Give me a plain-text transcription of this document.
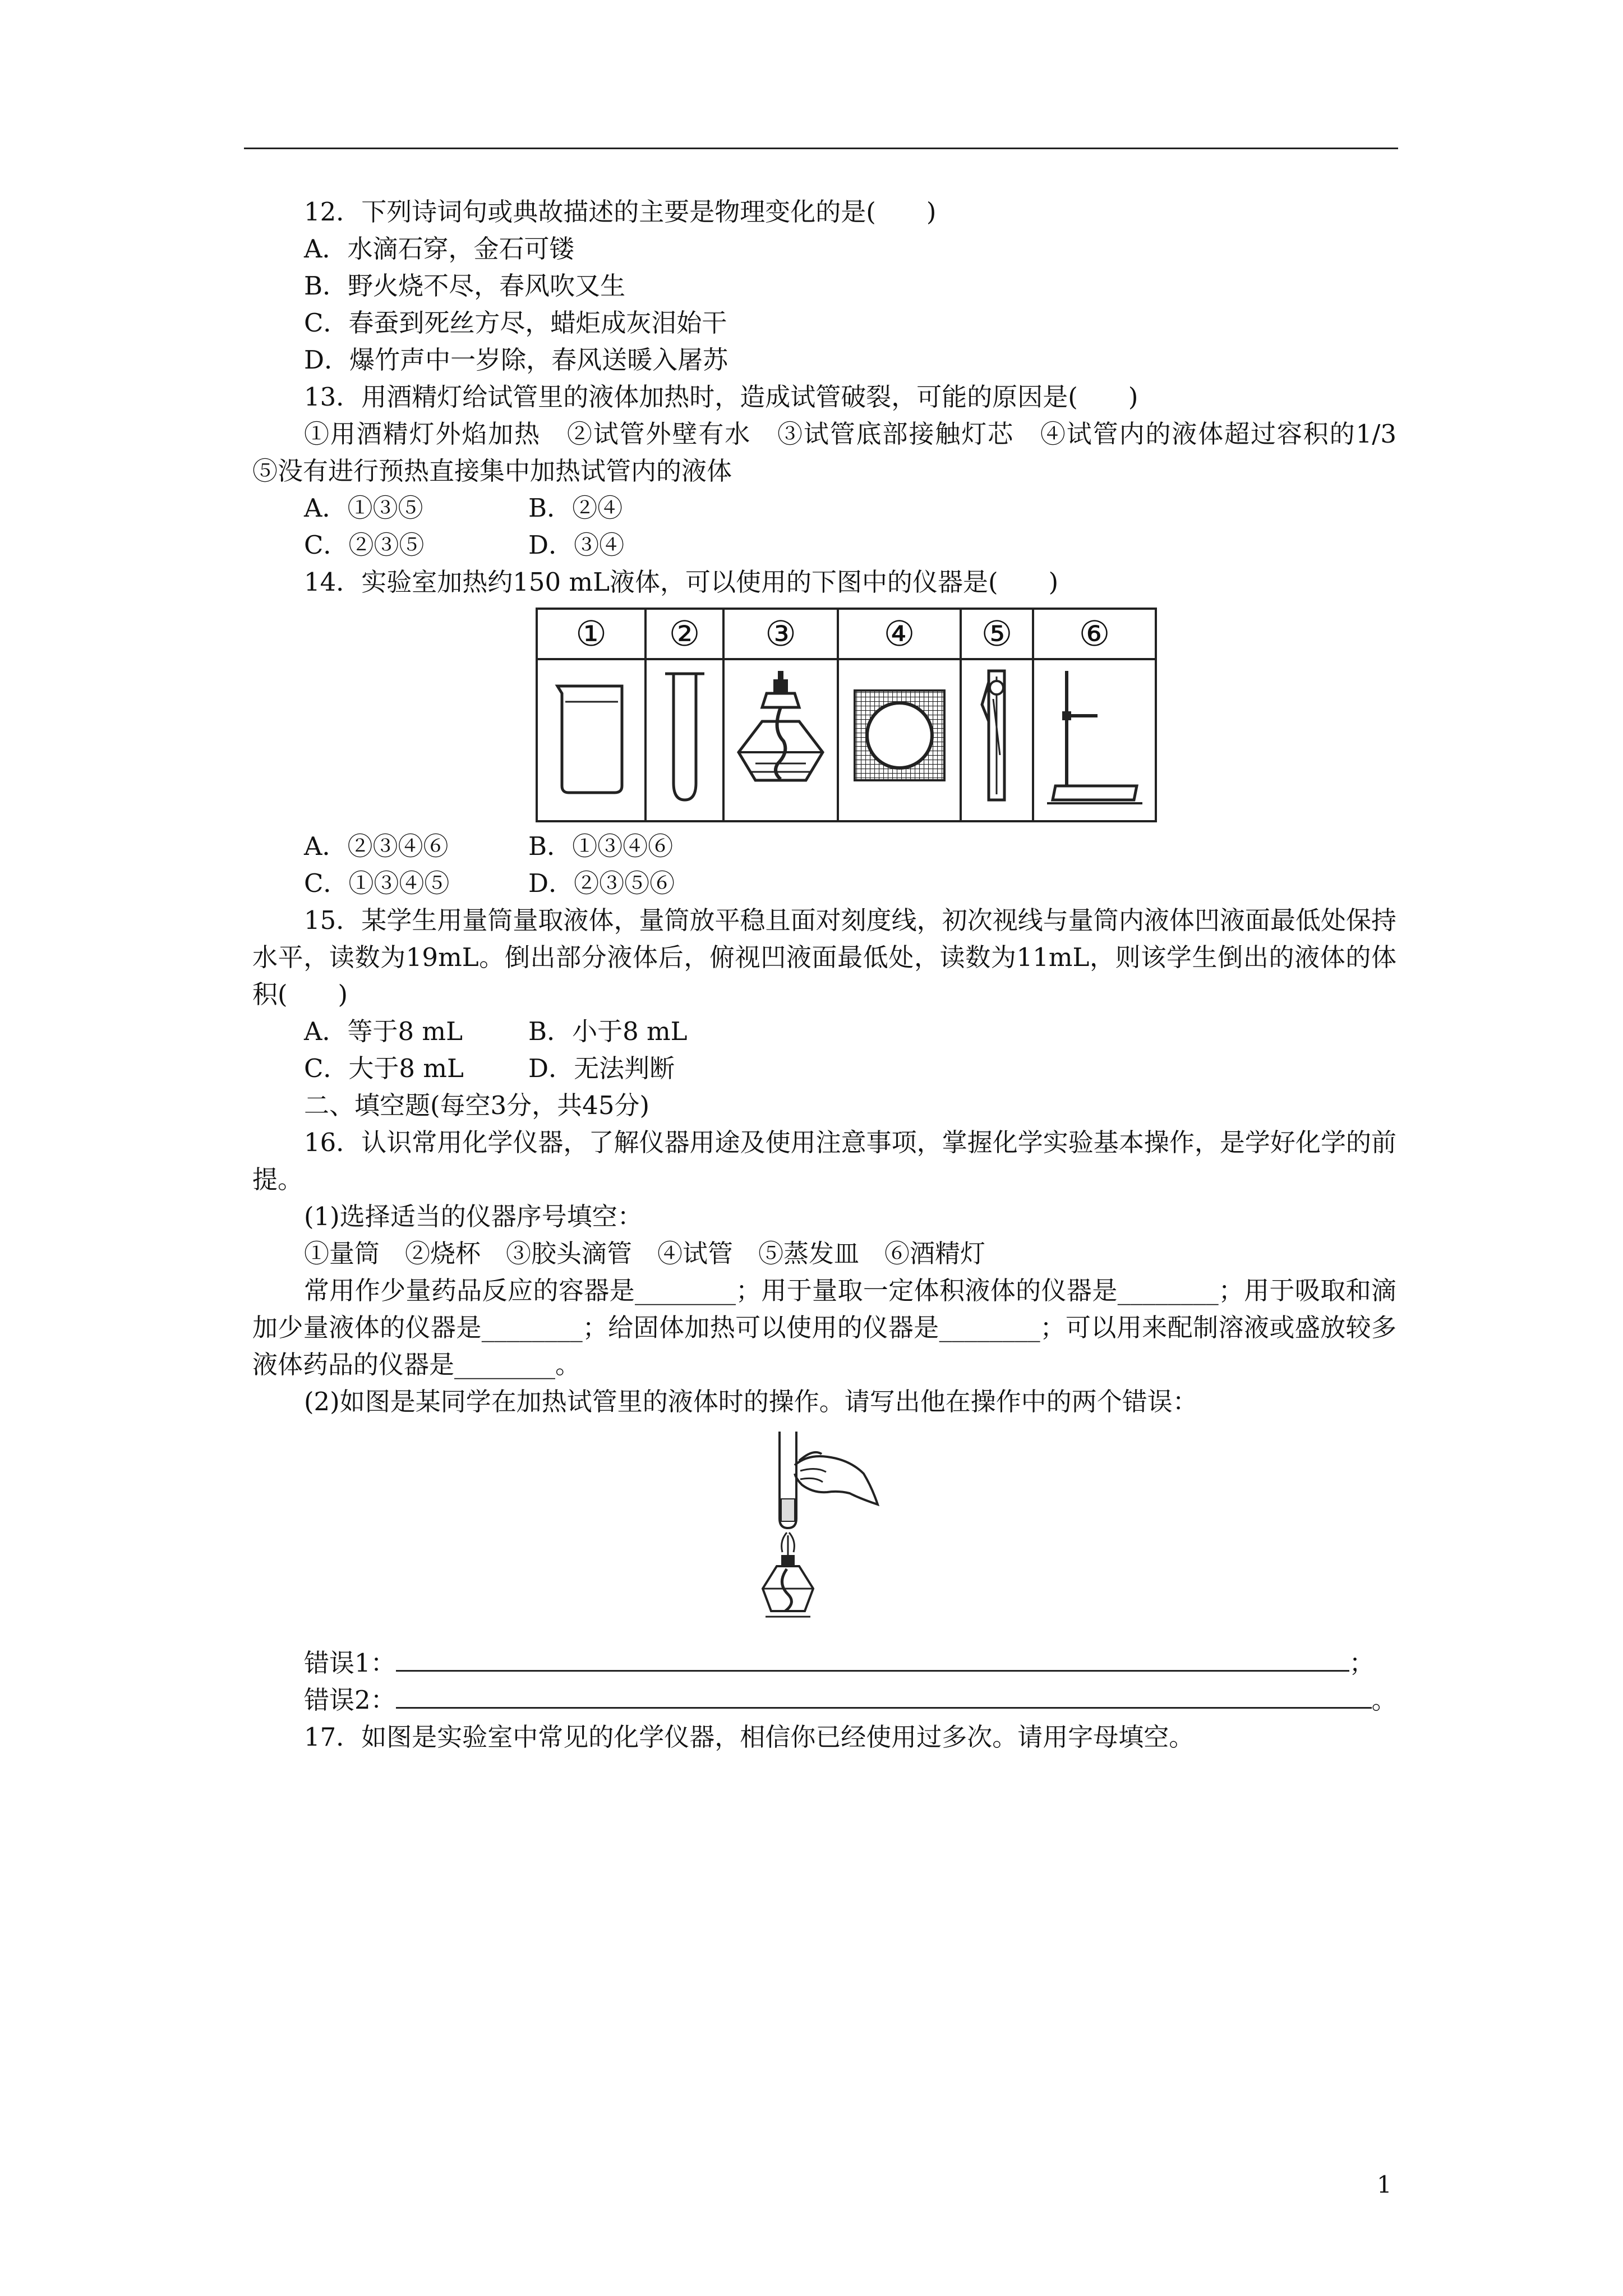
12．下列诗词句或典故描述的主要是物理变化的是(　　)
A．水滴石穿，金石可镂
B．野火烧不尽，春风吹又生
C．春蚕到死丝方尽，蜡炬成灰泪始干
D．爆竹声中一岁除，春风送暖入屠苏
13．用酒精灯给试管里的液体加热时，造成试管破裂，可能的原因是(　　)
①用酒精灯外焰加热　②试管外壁有水　③试管底部接触灯芯　④试管内的液体超过容积的1/3　⑤没有进行预热直接集中加热试管内的液体
A．①③⑤	B．②④
C．②③⑤	D．③④
14．实验室加热约150 mL液体，可以使用的下图中的仪器是(　　)
①	②	③	④	⑤	⑥

A．②③④⑥	B．①③④⑥
C．①③④⑤	D．②③⑤⑥
15．某学生用量筒量取液体，量筒放平稳且面对刻度线，初次视线与量筒内液体凹液面最低处保持水平，读数为19mL。倒出部分液体后，俯视凹液面最低处，读数为11mL，则该学生倒出的液体的体积(　　)
A．等于8 mL	B．小于8 mL
C．大于8 mL	D．无法判断
二、填空题(每空3分，共45分)
16．认识常用化学仪器，了解仪器用途及使用注意事项，掌握化学实验基本操作，是学好化学的前提。
(1)选择适当的仪器序号填空：
①量筒　②烧杯　③胶头滴管　④试管　⑤蒸发皿　⑥酒精灯
常用作少量药品反应的容器是________；用于量取一定体积液体的仪器是________；用于吸取和滴加少量液体的仪器是________；给固体加热可以使用的仪器是________；可以用来配制溶液或盛放较多液体药品的仪器是________。
(2)如图是某同学在加热试管里的液体时的操作。请写出他在操作中的两个错误：
错误1：	；
错误2：	。
17．如图是实验室中常见的化学仪器，相信你已经使用过多次。请用字母填空。
1
